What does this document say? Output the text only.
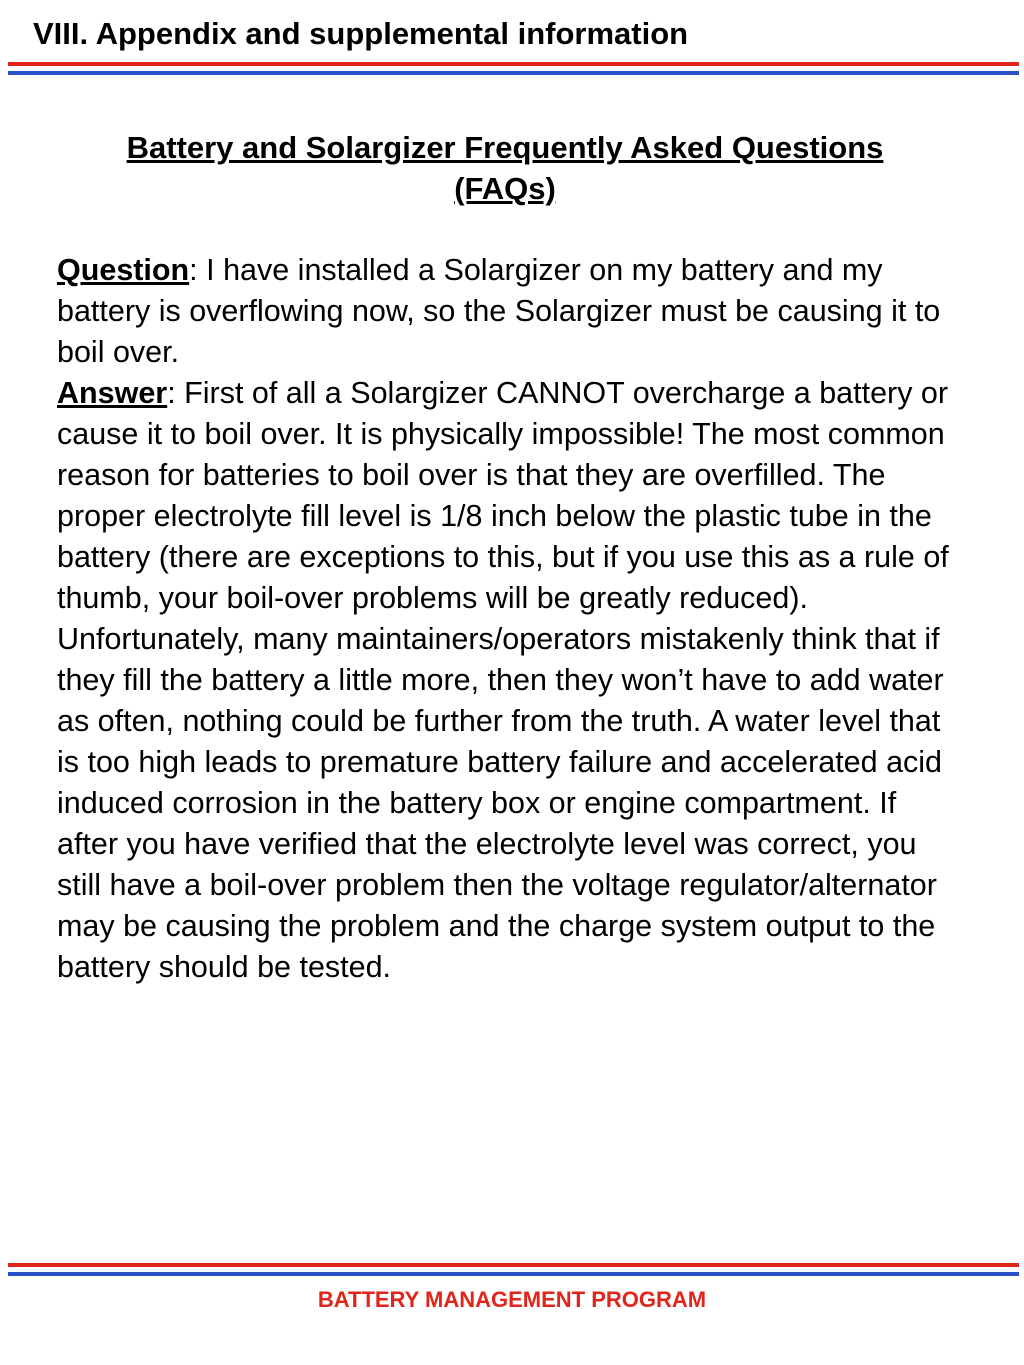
VIII. Appendix and supplemental information
Battery and Solargizer Frequently Asked Questions
(FAQs)

Question: I have installed a Solargizer on my battery and my battery is overflowing now, so the Solargizer must be causing it to boil over.

Answer: First of all a Solargizer CANNOT overcharge a battery or cause it to boil over. It is physically impossible! The most common reason for batteries to boil over is that they are overfilled. The proper electrolyte fill level is 1/8 inch below the plastic tube in the battery (there are exceptions to this, but if you use this as a rule of thumb, your boil-over problems will be greatly reduced). Unfortunately, many maintainers/operators mistakenly think that if they fill the battery a little more, then they won’t have to add water as often, nothing could be further from the truth. A water level that is too high leads to premature battery failure and accelerated acid induced corrosion in the battery box or engine compartment. If after you have verified that the electrolyte level was correct, you still have a boil-over problem then the voltage regulator/alternator may be causing the problem and the charge system output to the battery should be tested.

BATTERY MANAGEMENT PROGRAM
